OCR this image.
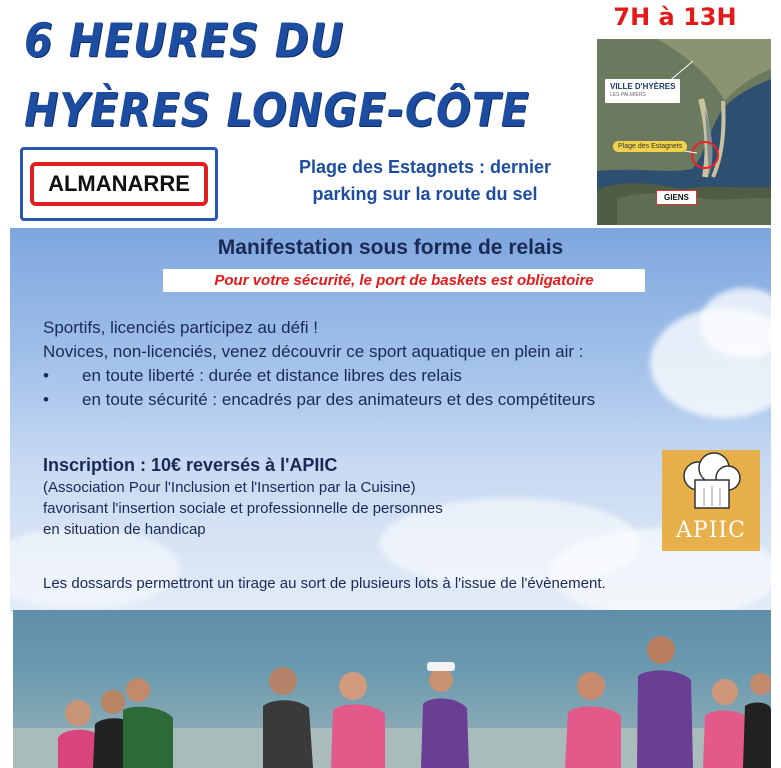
6 HEURES DU
HYÈRES LONGE-CÔTE
ALMANARRE
Plage des Estagnets : dernier
parking sur la route du sel
7H à 13H
VILLE D'HYÈRES
LES PALMIERS
Plage des Estagnets
GIENS
Manifestation sous forme de relais
Pour votre sécurité, le port de baskets est obligatoire
Sportifs, licenciés participez au défi !
Novices, non-licenciés, venez découvrir ce sport aquatique en plein air :
•	en toute liberté : durée et distance libres des relais
•	en toute sécurité : encadrés par des animateurs et des compétiteurs
Inscription : 10€ reversés à l'APIIC
(Association Pour l'Inclusion et l'Insertion par la Cuisine)
favorisant l'insertion sociale et professionnelle de personnes
en situation de handicap	APIIC
Les dossards permettront un tirage au sort de plusieurs lots à l'issue de l'évènement.
